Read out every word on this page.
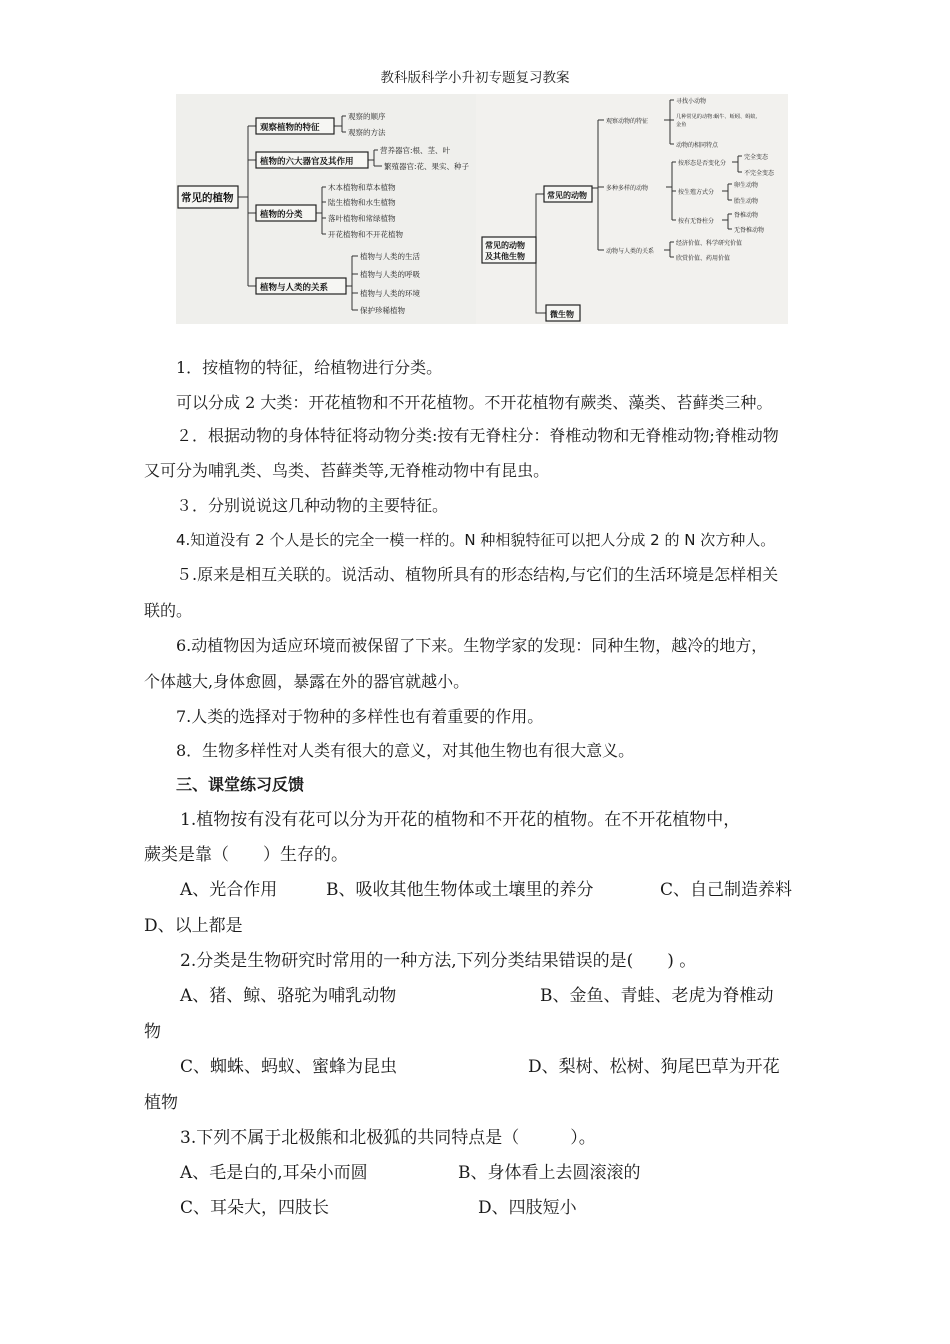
教科版科学小升初专题复习教案
常见的植物
观察植物的特征
植物的六大器官及其作用
植物的分类
植物与人类的关系
常见的动物
及其他生物
常见的动物
微生物
观察的顺序
观察的方法
营养器官:根、茎、叶
繁殖器官:花、果实、种子
木本植物和草本植物
陆生植物和水生植物
落叶植物和常绿植物
开花植物和不开花植物
植物与人类的生活
植物与人类的呼吸
植物与人类的环境
保护珍稀植物
观察动物的特征
寻找小动物
几种常见的动物:蜗牛、蚯蚓、蚂蚁、
金鱼
动物的相同特点
多种多样的动物
按形态是否变化分
完全变态
不完全变态
按生殖方式分
卵生动物
胎生动物
按有无脊柱分
脊椎动物
无脊椎动物
动物与人类的关系
经济价值、科学研究价值
欣赏价值、药用价值
1．按植物的特征，给植物进行分类。
可以分成 2 大类：开花植物和不开花植物。不开花植物有蕨类、藻类、苔藓类三种。
２．根据动物的身体特征将动物分类:按有无脊柱分：脊椎动物和无脊椎动物;脊椎动物
又可分为哺乳类、鸟类、苔藓类等,无脊椎动物中有昆虫。
３．分别说说这几种动物的主要特征。
4.知道没有 2 个人是长的完全一模一样的。N 种相貌特征可以把人分成 2 的 N 次方种人。
５.原来是相互关联的。说活动、植物所具有的形态结构,与它们的生活环境是怎样相关
联的。
6.动植物因为适应环境而被保留了下来。生物学家的发现：同种生物，越冷的地方，
个体越大,身体愈圆，暴露在外的器官就越小。
7.人类的选择对于物种的多样性也有着重要的作用。
8．生物多样性对人类有很大的意义，对其他生物也有很大意义。
三、课堂练习反馈
1.植物按有没有花可以分为开花的植物和不开花的植物。在不开花植物中，
蕨类是靠（　　）生存的。
A、光合作用	B、吸收其他生物体或土壤里的养分	C、自己制造养料
D、以上都是
2.分类是生物研究时常用的一种方法,下列分类结果错误的是(　　) 。
A、猪、鲸、骆驼为哺乳动物	B、金鱼、青蛙、老虎为脊椎动
物
C、蜘蛛、蚂蚁、蜜蜂为昆虫	D、梨树、松树、狗尾巴草为开花
植物
3.下列不属于北极熊和北极狐的共同特点是（　　　）。
A、毛是白的,耳朵小而圆	B、身体看上去圆滚滚的
C、耳朵大，四肢长	D、四肢短小
